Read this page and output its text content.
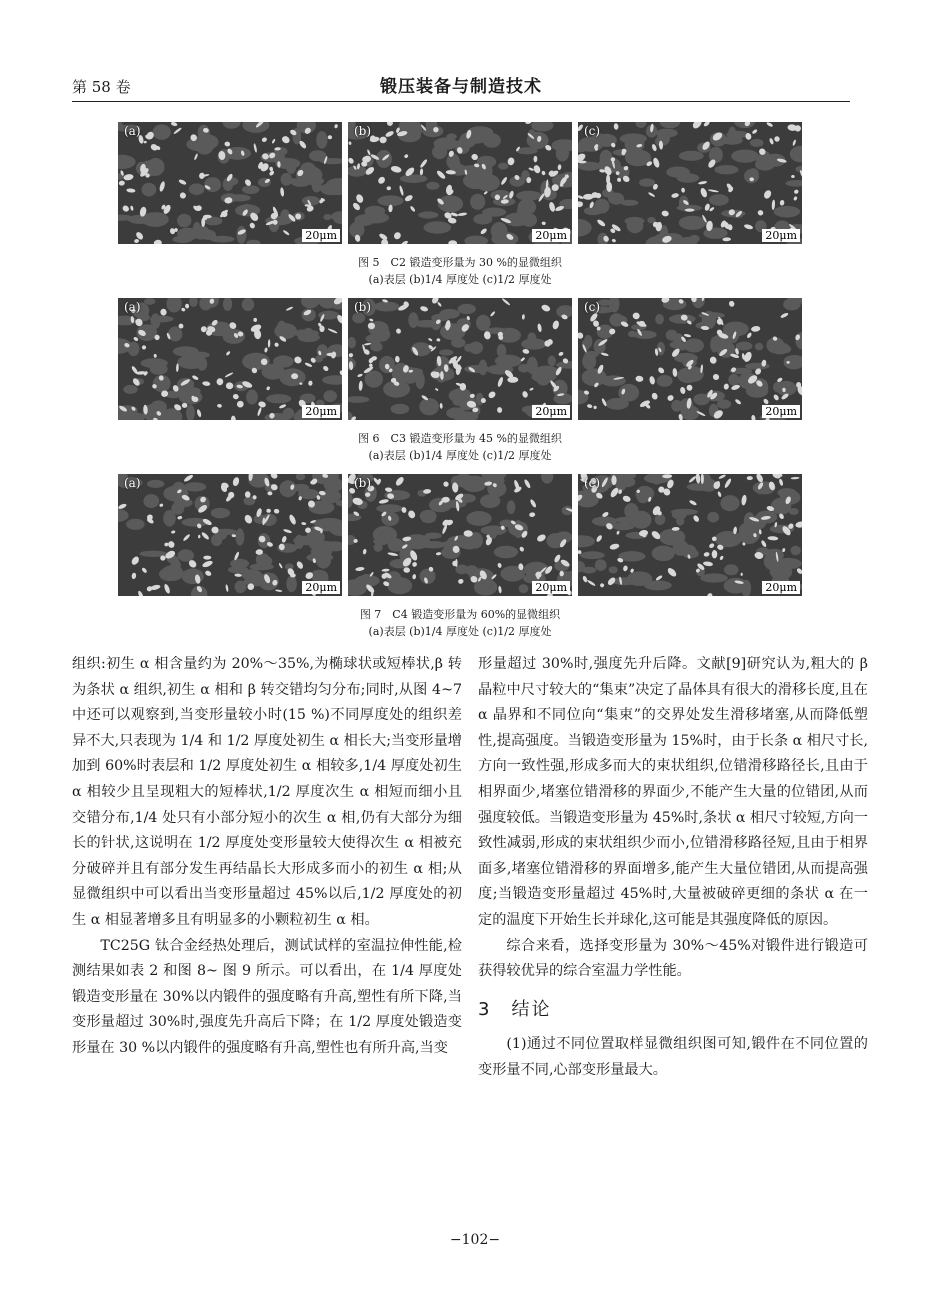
第 58 卷	锻压装备与制造技术
(a)
20μm
(b)
20μm
(c)
20μm
图 5　C2 锻造变形量为 30 %的显微组织
(a)表层 (b)1/4 厚度处 (c)1/2 厚度处
(a)
20μm
(b)
20μm
(c)
20μm
图 6　C3 锻造变形量为 45 %的显微组织
(a)表层 (b)1/4 厚度处 (c)1/2 厚度处
(a)
20μm
(b)
20μm
(c)
20μm
图 7　C4 锻造变形量为 60%的显微组织
(a)表层 (b)1/4 厚度处 (c)1/2 厚度处

组织:初生 α 相含量约为 20%～35%,为椭球状或短棒状,β 转为条状 α 组织,初生 α 相和 β 转交错均匀分布;同时,从图 4~7 中还可以观察到,当变形量较小时(15 %)不同厚度处的组织差异不大,只表现为 1/4 和 1/2 厚度处初生 α 相长大;当变形量增加到 60%时表层和 1/2 厚度处初生 α 相较多,1/4 厚度处初生 α 相较少且呈现粗大的短棒状,1/2 厚度次生 α 相短而细小且交错分布,1/4 处只有小部分短小的次生 α 相,仍有大部分为细长的针状,这说明在 1/2 厚度处变形量较大使得次生 α 相被充分破碎并且有部分发生再结晶长大形成多而小的初生 α 相;从显微组织中可以看出当变形量超过 45%以后,1/2 厚度处的初生 α 相显著增多且有明显多的小颗粒初生 α 相。

TC25G 钛合金经热处理后，测试试样的室温拉伸性能,检测结果如表 2 和图 8~ 图 9 所示。可以看出，在 1/4 厚度处锻造变形量在 30%以内锻件的强度略有升高,塑性有所下降,当变形量超过 30%时,强度先升高后下降；在 1/2 厚度处锻造变形量在 30 %以内锻件的强度略有升高,塑性也有所升高,当变

形量超过 30%时,强度先升后降。文献[9]研究认为,粗大的 β 晶粒中尺寸较大的“集束”决定了晶体具有很大的滑移长度,且在 α 晶界和不同位向“集束”的交界处发生滑移堵塞,从而降低塑性,提高强度。当锻造变形量为 15%时，由于长条 α 相尺寸长,方向一致性强,形成多而大的束状组织,位错滑移路径长,且由于相界面少,堵塞位错滑移的界面少,不能产生大量的位错团,从而强度较低。当锻造变形量为 45%时,条状 α 相尺寸较短,方向一致性减弱,形成的束状组织少而小,位错滑移路径短,且由于相界面多,堵塞位错滑移的界面增多,能产生大量位错团,从而提高强度;当锻造变形量超过 45%时,大量被破碎更细的条状 α 在一定的温度下开始生长并球化,这可能是其强度降低的原因。

综合来看，选择变形量为 30%～45%对锻件进行锻造可获得较优异的综合室温力学性能。

3　结论

(1)通过不同位置取样显微组织图可知,锻件在不同位置的变形量不同,心部变形量最大。

−102−
